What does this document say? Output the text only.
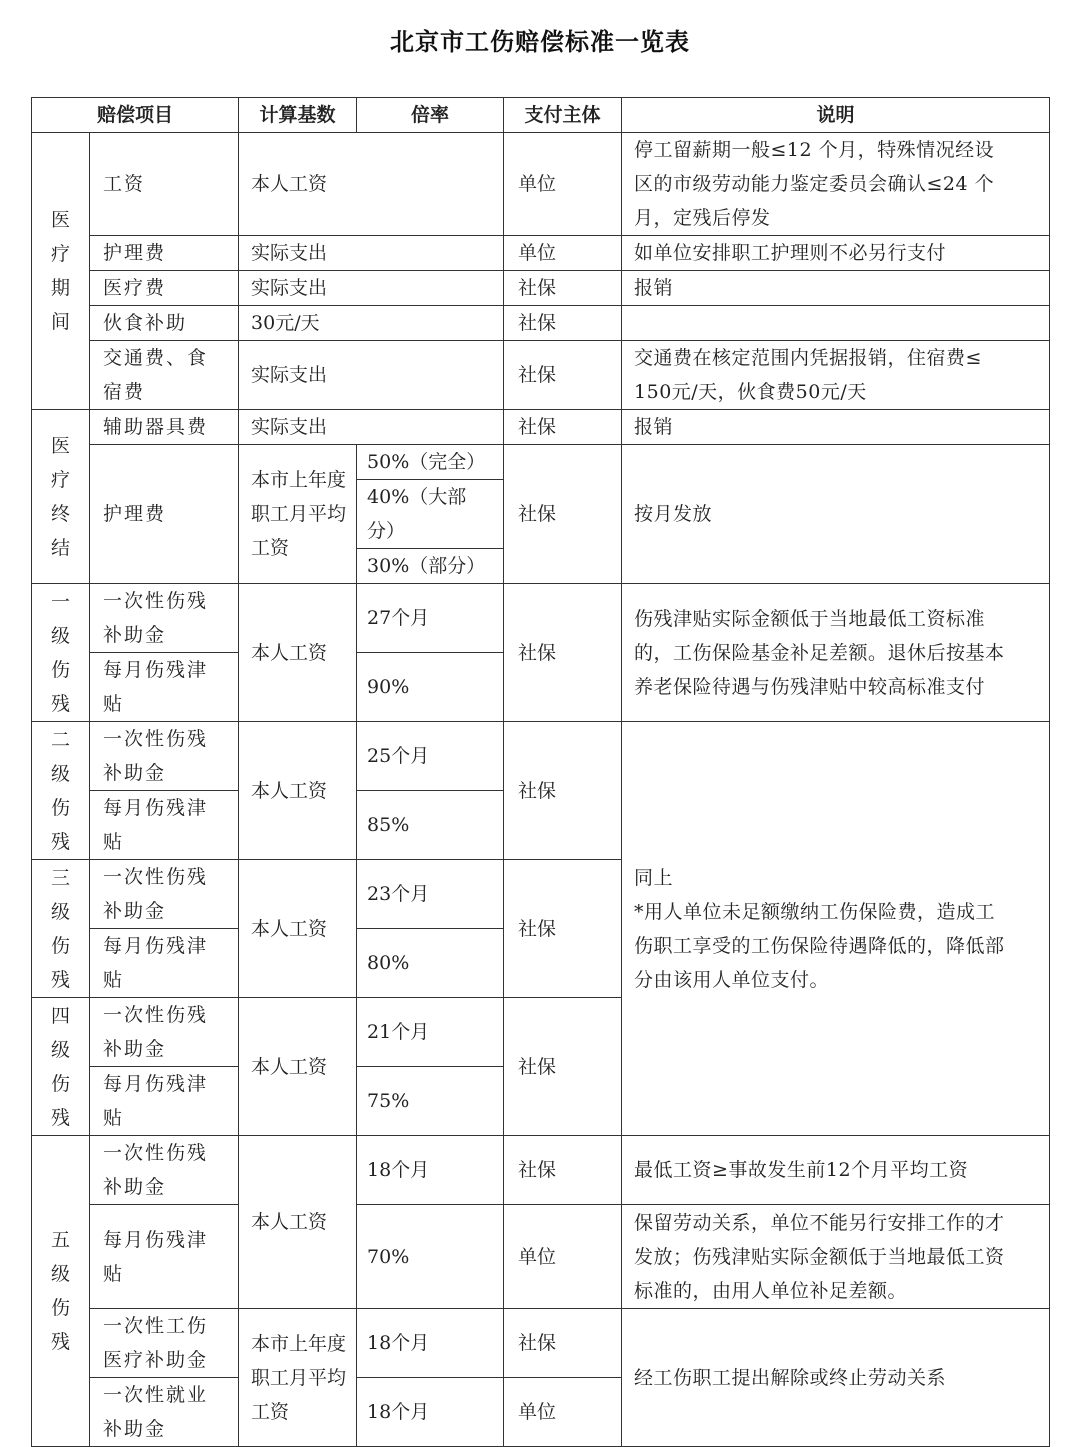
北京市工伤赔偿标准一览表
赔偿项目		计算基数	倍率	支付主体	说明

医疗期间	工资	本人工资		单位	停工留薪期一般≤12 个月，特殊情况经设
区的市级劳动能力鉴定委员会确认≤24 个
月，定残后停发

	护理费	实际支出		单位	如单位安排职工护理则不必另行支付
	医疗费	实际支出		社保	报销
	伙食补助	30元/天		社保	
	交通费、食宿费	实际支出		社保	交通费在核定范围内凭据报销，住宿费≤
150元/天，伙食费50元/天

医疗终结	辅助器具费	实际支出		社保	报销
	护理费	本市上年度职工月平均工资	50%（完全）	社保	按月发放
			40%（大部分）		
			30%（部分）		

一级伤残	一次性伤残补助金	本人工资	27个月	社保	伤残津贴实际金额低于当地最低工资标准
的，工伤保险基金补足差额。退休后按基本
养老保险待遇与伤残津贴中较高标准支付

	每月伤残津贴		90%		

二级伤残	一次性伤残补助金	本人工资	25个月	社保	同上
*用人单位未足额缴纳工伤保险费，造成工
伤职工享受的工伤保险待遇降低的，降低部
分由该用人单位支付。

	每月伤残津贴		85%		

三级伤残	一次性伤残补助金	本人工资	23个月	社保	
	每月伤残津贴		80%		

四级伤残	一次性伤残补助金	本人工资	21个月	社保	
	每月伤残津贴		75%		

五级伤残	一次性伤残补助金	本人工资	18个月	社保	最低工资≥事故发生前12个月平均工资
	每月伤残津贴		70%	单位	保留劳动关系，单位不能另行安排工作的才
发放；伤残津贴实际金额低于当地最低工资
标准的，由用人单位补足差额。

	一次性工伤医疗补助金	本市上年度职工月平均工资	18个月	社保	经工伤职工提出解除或终止劳动关系
	一次性就业补助金		18个月	单位	
